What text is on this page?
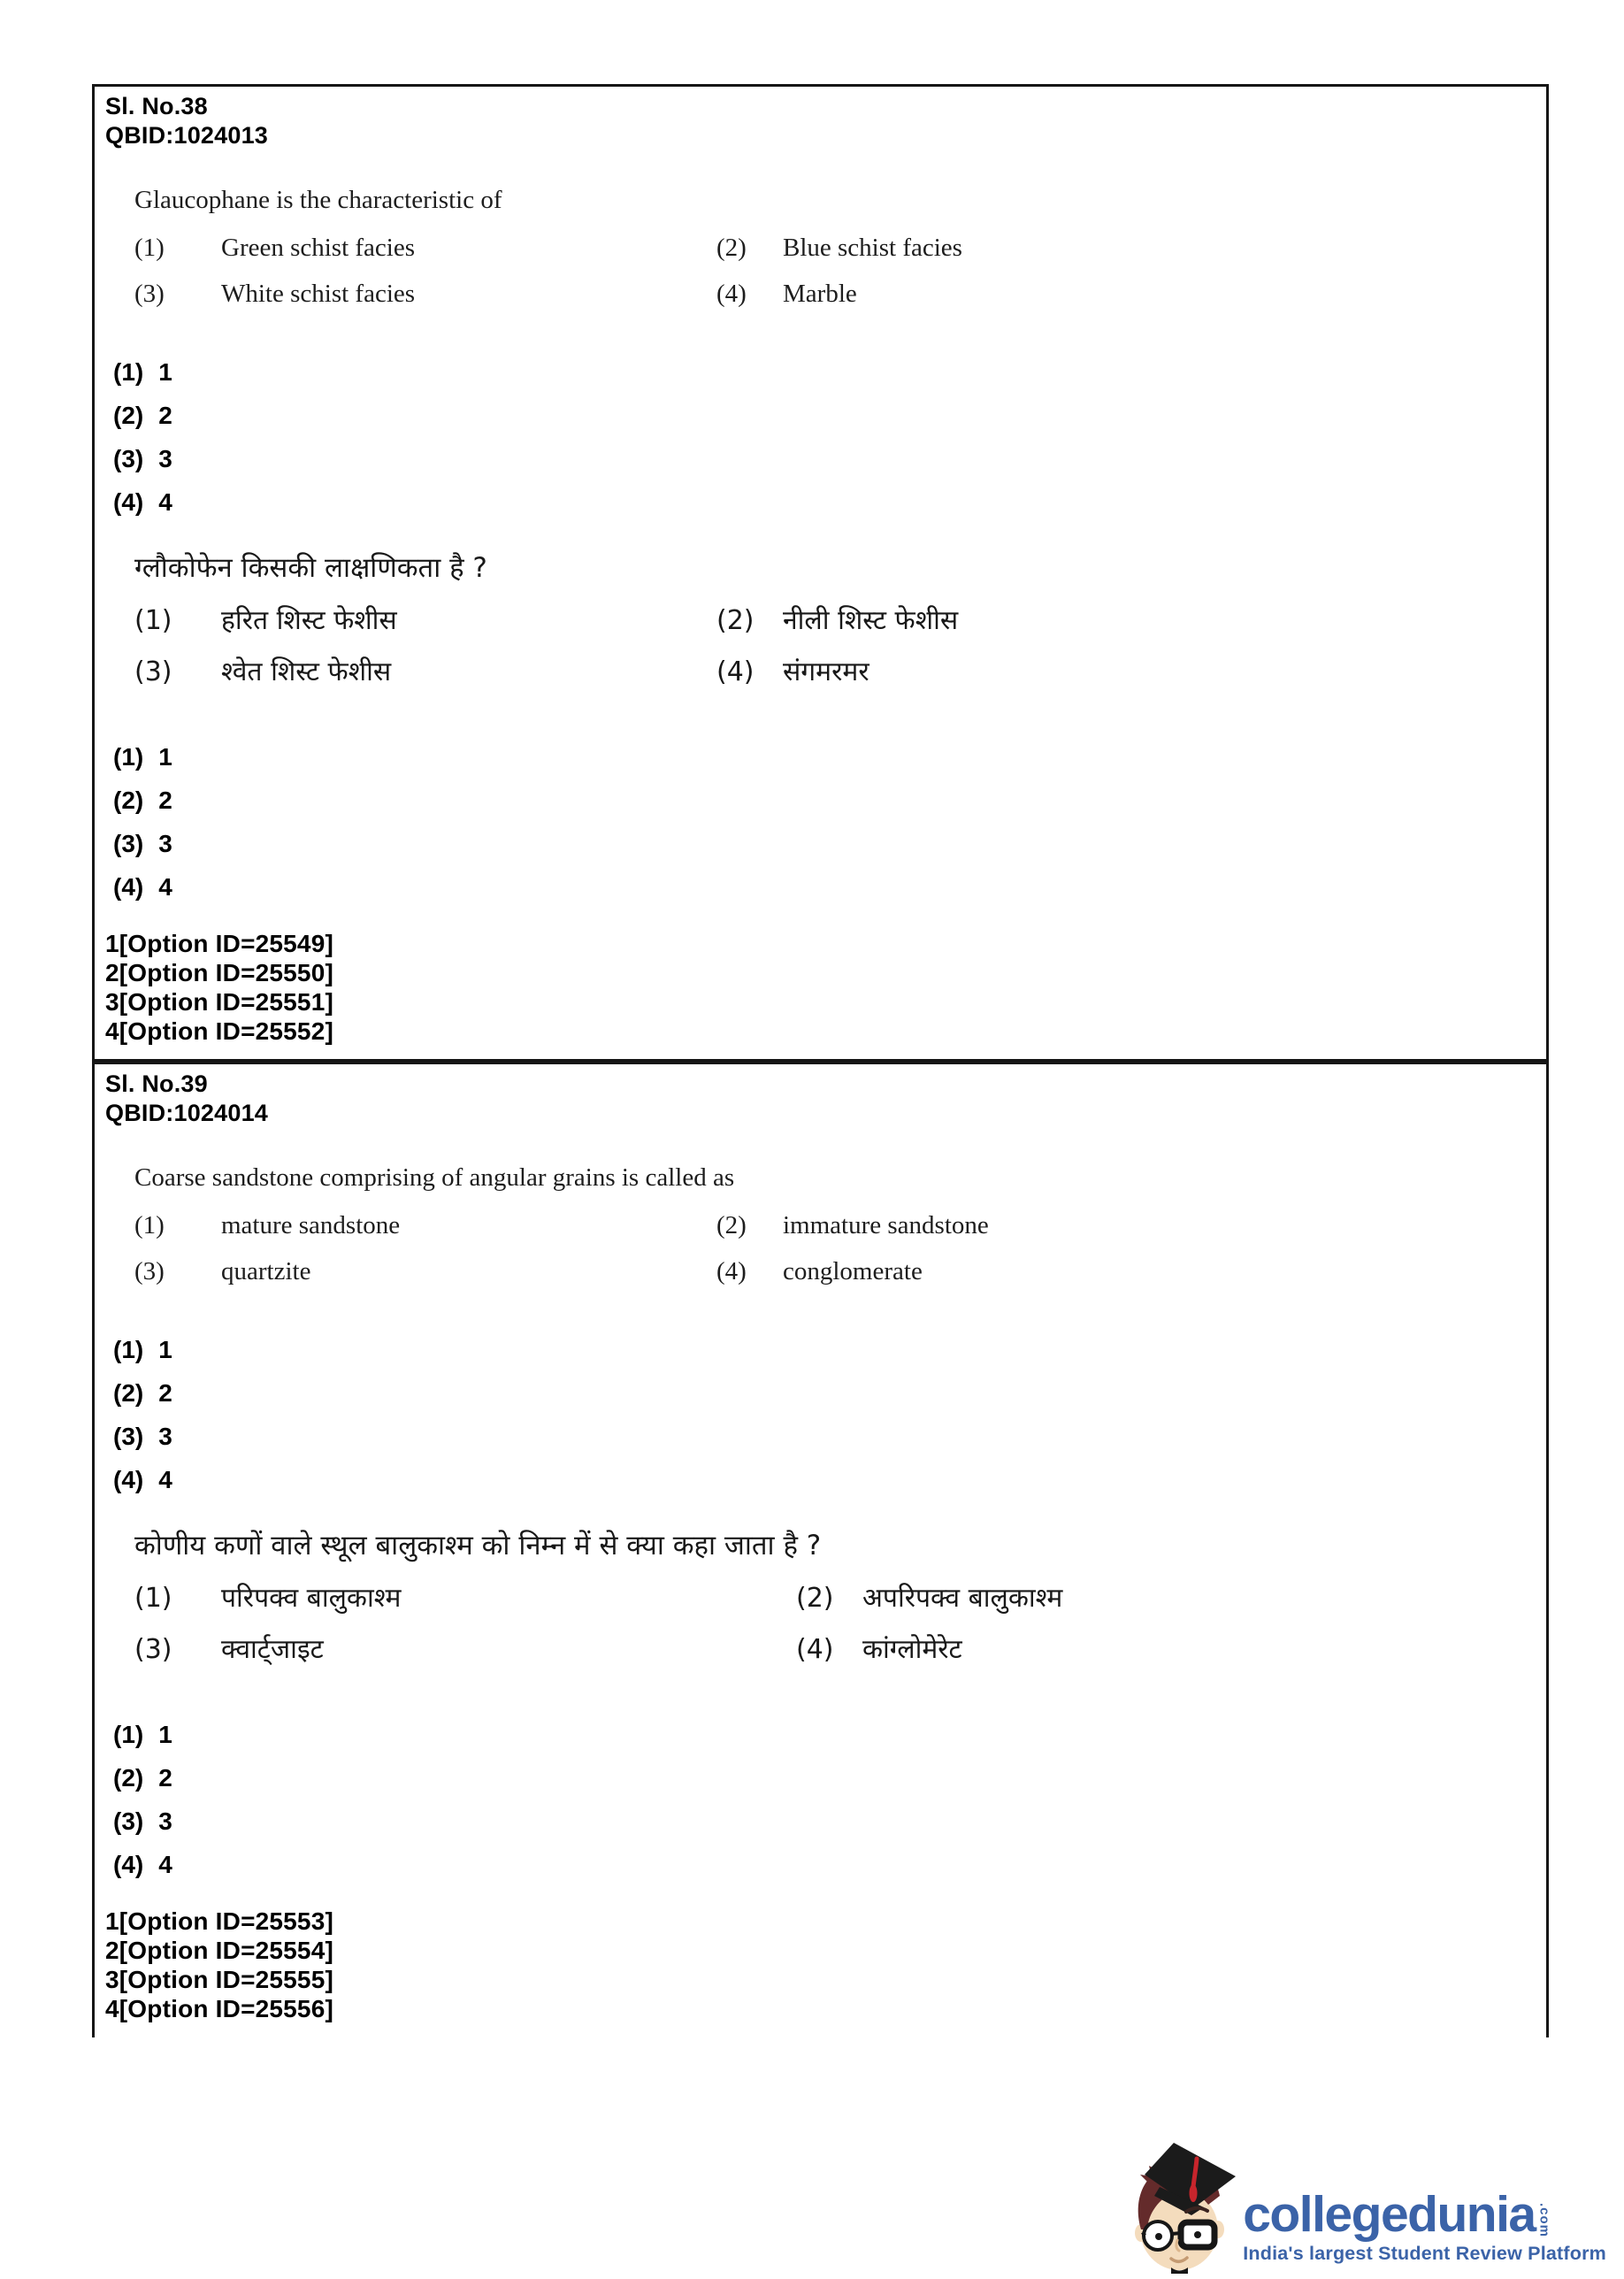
Sl. No.38
QBID:1024013

Glaucophane is the characteristic of

(1)	Green schist facies	(2)	Blue schist facies
(3)	White schist facies	(4)	Marble
(1) 1
(2) 2
(3) 3
(4) 4

ग्लौकोफेन किसकी लाक्षणिकता है ?

(1)	हरित शिस्ट फेशीस	(2)	नीली शिस्ट फेशीस
(3)	श्वेत शिस्ट फेशीस	(4)	संगमरमर
(1) 1
(2) 2
(3) 3
(4) 4
1[Option ID=25549]
2[Option ID=25550]
3[Option ID=25551]
4[Option ID=25552]
Sl. No.39
QBID:1024014

Coarse sandstone comprising of angular grains is called as

(1)	mature sandstone	(2)	immature sandstone
(3)	quartzite	(4)	conglomerate
(1) 1
(2) 2
(3) 3
(4) 4

कोणीय कणों वाले स्थूल बालुकाश्म को निम्न में से क्या कहा जाता है ?

(1)	परिपक्व बालुकाश्म	(2)	अपरिपक्व बालुकाश्म
(3)	क्वार्ट्जाइट	(4)	कांग्लोमेरेट
(1) 1
(2) 2
(3) 3
(4) 4
1[Option ID=25553]
2[Option ID=25554]
3[Option ID=25555]
4[Option ID=25556]
collegedunia .com
India's largest Student Review Platform
